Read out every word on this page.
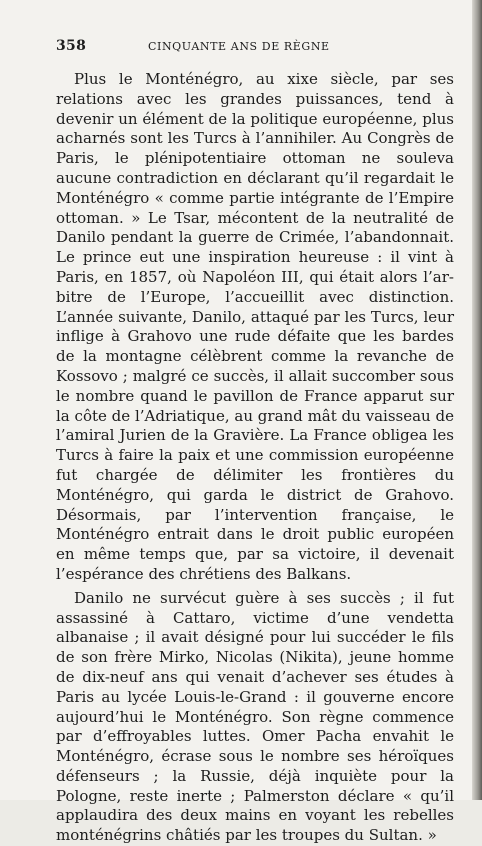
358	CINQUANTE ANS DE RÈGNE

Plus le Monténégro, au xixe siècle, par ses relations avec les grandes puissances, tend à devenir un élément de la politique européenne, plus acharnés sont les Turcs à l’annihiler. Au Congrès de Paris, le plénipotentiaire ottoman ne souleva aucune contradiction en déclarant qu’il regardait le Monténégro « comme partie intégrante de l’Empire ottoman. » Le Tsar, mécontent de la neutralité de Danilo pendant la guerre de Crimée, l’abandonnait. Le prince eut une inspiration heureuse : il vint à Paris, en 1857, où Napoléon III, qui était alors l’arbitre de l’Europe, l’accueillit avec distinction. L’année suivante, Danilo, attaqué par les Turcs, leur inflige à Grahovo une rude défaite que les bardes de la montagne célèbrent comme la revanche de Kossovo ; malgré ce succès, il allait succomber sous le nombre quand le pavillon de France apparut sur la côte de l’Adriatique, au grand mât du vaisseau de l’amiral Jurien de la Gravière. La France obligea les Turcs à faire la paix et une commission européenne fut chargée de délimiter les frontières du Monténégro, qui garda le district de Grahovo. Désormais, par l’intervention française, le Monténégro entrait dans le droit public européen en même temps que, par sa victoire, il devenait l’espérance des chrétiens des Balkans.

Danilo ne survécut guère à ses succès ; il fut assassiné à Cattaro, victime d’une vendetta albanaise ; il avait désigné pour lui succéder le fils de son frère Mirko, Nicolas (Nikita), jeune homme de dix-neuf ans qui venait d’achever ses études à Paris au lycée Louis-le-Grand : il gouverne encore aujourd’hui le Monténégro. Son règne commence par d’effroyables luttes. Omer Pacha envahit le Monténégro, écrase sous le nombre ses héroïques défenseurs ; la Russie, déjà inquiète pour la Pologne, reste inerte ; Palmerston déclare « qu’il applaudira des deux mains en voyant les rebelles monténégrins châtiés par les troupes du Sultan. »
